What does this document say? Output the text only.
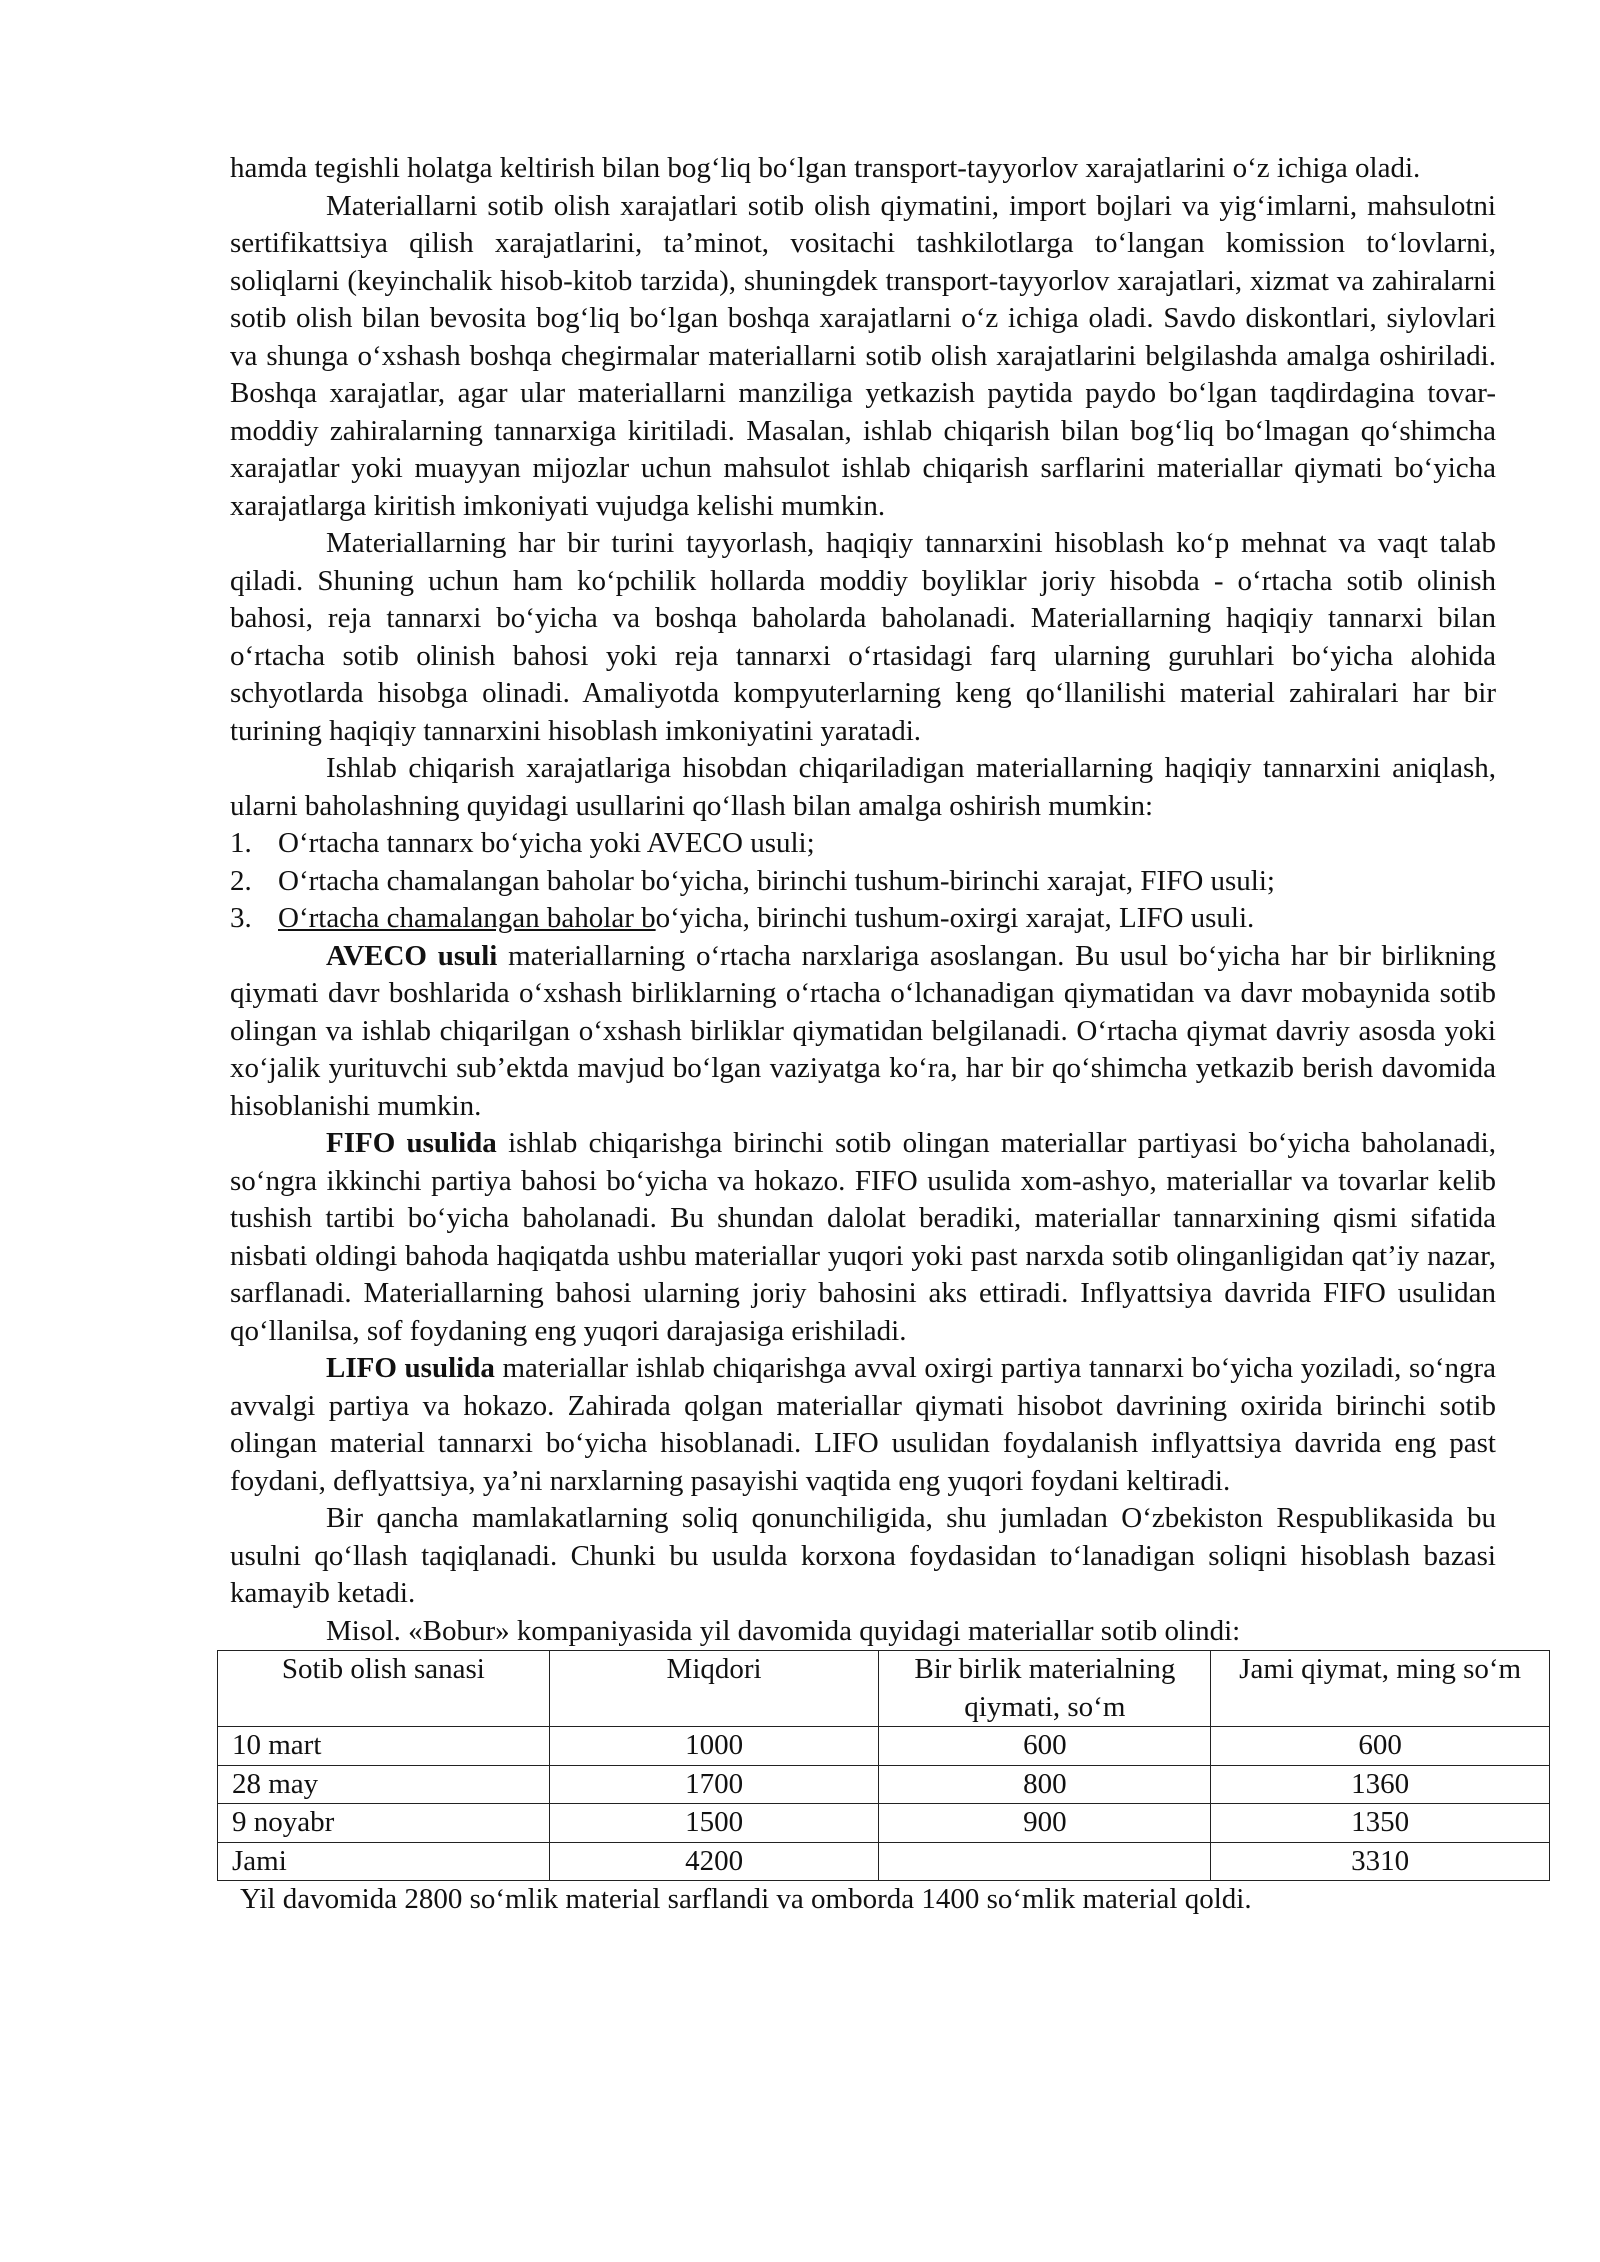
hamda tegishli holatga keltirish bilan bog‘liq bo‘lgan transport-tayyorlov xarajatlarini o‘z ichiga oladi.

Materiallarni sotib olish xarajatlari sotib olish qiymatini, import bojlari va yig‘imlarni, mahsulotni sertifikattsiya qilish xarajatlarini, ta’minot, vositachi tashkilotlarga to‘langan komission to‘lovlarni, soliqlarni (keyinchalik hisob-kitob tarzida), shuningdek transport-tayyorlov xarajatlari, xizmat va zahiralarni sotib olish bilan bevosita bog‘liq bo‘lgan boshqa xarajatlarni o‘z ichiga oladi. Savdo diskontlari, siylovlari va shunga o‘xshash boshqa chegirmalar materiallarni sotib olish xarajatlarini belgilashda amalga oshiriladi. Boshqa xarajatlar, agar ular materiallarni manziliga yetkazish paytida paydo bo‘lgan taqdirdagina tovar-moddiy zahiralarning tannarxiga kiritiladi. Masalan, ishlab chiqarish bilan bog‘liq bo‘lmagan qo‘shimcha xarajatlar yoki muayyan mijozlar uchun mahsulot ishlab chiqarish sarflarini materiallar qiymati bo‘yicha xarajatlarga kiritish imkoniyati vujudga kelishi mumkin.

Materiallarning har bir turini tayyorlash, haqiqiy tannarxini hisoblash ko‘p mehnat va vaqt talab qiladi. Shuning uchun ham ko‘pchilik hollarda moddiy boyliklar joriy hisobda - o‘rtacha sotib olinish bahosi, reja tannarxi bo‘yicha va boshqa baholarda baholanadi. Materiallarning haqiqiy tannarxi bilan o‘rtacha sotib olinish bahosi yoki reja tannarxi o‘rtasidagi farq ularning guruhlari bo‘yicha alohida schyotlarda hisobga olinadi. Amaliyotda kompyuterlarning keng qo‘llanilishi material zahiralari har bir turining haqiqiy tannarxini hisoblash imkoniyatini yaratadi.

Ishlab chiqarish xarajatlariga hisobdan chiqariladigan materiallarning haqiqiy tannarxini aniqlash, ularni baholashning quyidagi usullarini qo‘llash bilan amalga oshirish mumkin:

1. O‘rtacha tannarx bo‘yicha yoki AVECO usuli;
2. O‘rtacha chamalangan baholar bo‘yicha, birinchi tushum-birinchi xarajat, FIFO usuli;
3. O‘rtacha chamalangan baholar bo‘yicha, birinchi tushum-oxirgi xarajat, LIFO usuli.

AVECO usuli materiallarning o‘rtacha narxlariga asoslangan. Bu usul bo‘yicha har bir birlikning qiymati davr boshlarida o‘xshash birliklarning o‘rtacha o‘lchanadigan qiymatidan va davr mobaynida sotib olingan va ishlab chiqarilgan o‘xshash birliklar qiymatidan belgilanadi. O‘rtacha qiymat davriy asosda yoki xo‘jalik yurituvchi sub’ektda mavjud bo‘lgan vaziyatga ko‘ra, har bir qo‘shimcha yetkazib berish davomida hisoblanishi mumkin.

FIFO usulida ishlab chiqarishga birinchi sotib olingan materiallar partiyasi bo‘yicha baholanadi, so‘ngra ikkinchi partiya bahosi bo‘yicha va hokazo. FIFO usulida xom-ashyo, materiallar va tovarlar kelib tushish tartibi bo‘yicha baholanadi. Bu shundan dalolat beradiki, materiallar tannarxining qismi sifatida nisbati oldingi bahoda haqiqatda ushbu materiallar yuqori yoki past narxda sotib olinganligidan qat’iy nazar, sarflanadi. Materiallarning bahosi ularning joriy bahosini aks ettiradi. Inflyattsiya davrida FIFO usulidan qo‘llanilsa, sof foydaning eng yuqori darajasiga erishiladi.

LIFO usulida materiallar ishlab chiqarishga avval oxirgi partiya tannarxi bo‘yicha yoziladi, so‘ngra avvalgi partiya va hokazo. Zahirada qolgan materiallar qiymati hisobot davrining oxirida birinchi sotib olingan material tannarxi bo‘yicha hisoblanadi. LIFO usulidan foydalanish inflyattsiya davrida eng past foydani, deflyattsiya, ya’ni narxlarning pasayishi vaqtida eng yuqori foydani keltiradi.

Bir qancha mamlakatlarning soliq qonunchiligida, shu jumladan O‘zbekiston Respublikasida bu usulni qo‘llash taqiqlanadi. Chunki bu usulda korxona foydasidan to‘lanadigan soliqni hisoblash bazasi kamayib ketadi.

Misol. «Bobur» kompaniyasida yil davomida quyidagi materiallar sotib olindi:

Sotib olish sanasi	Miqdori	Bir birlik materialning qiymati, so‘m	Jami qiymat, ming so‘m
10 mart	1000	600	600
28 may	1700	800	1360
9 noyabr	1500	900	1350
Jami	4200		3310

Yil davomida 2800 so‘mlik material sarflandi va omborda 1400 so‘mlik material qoldi.
